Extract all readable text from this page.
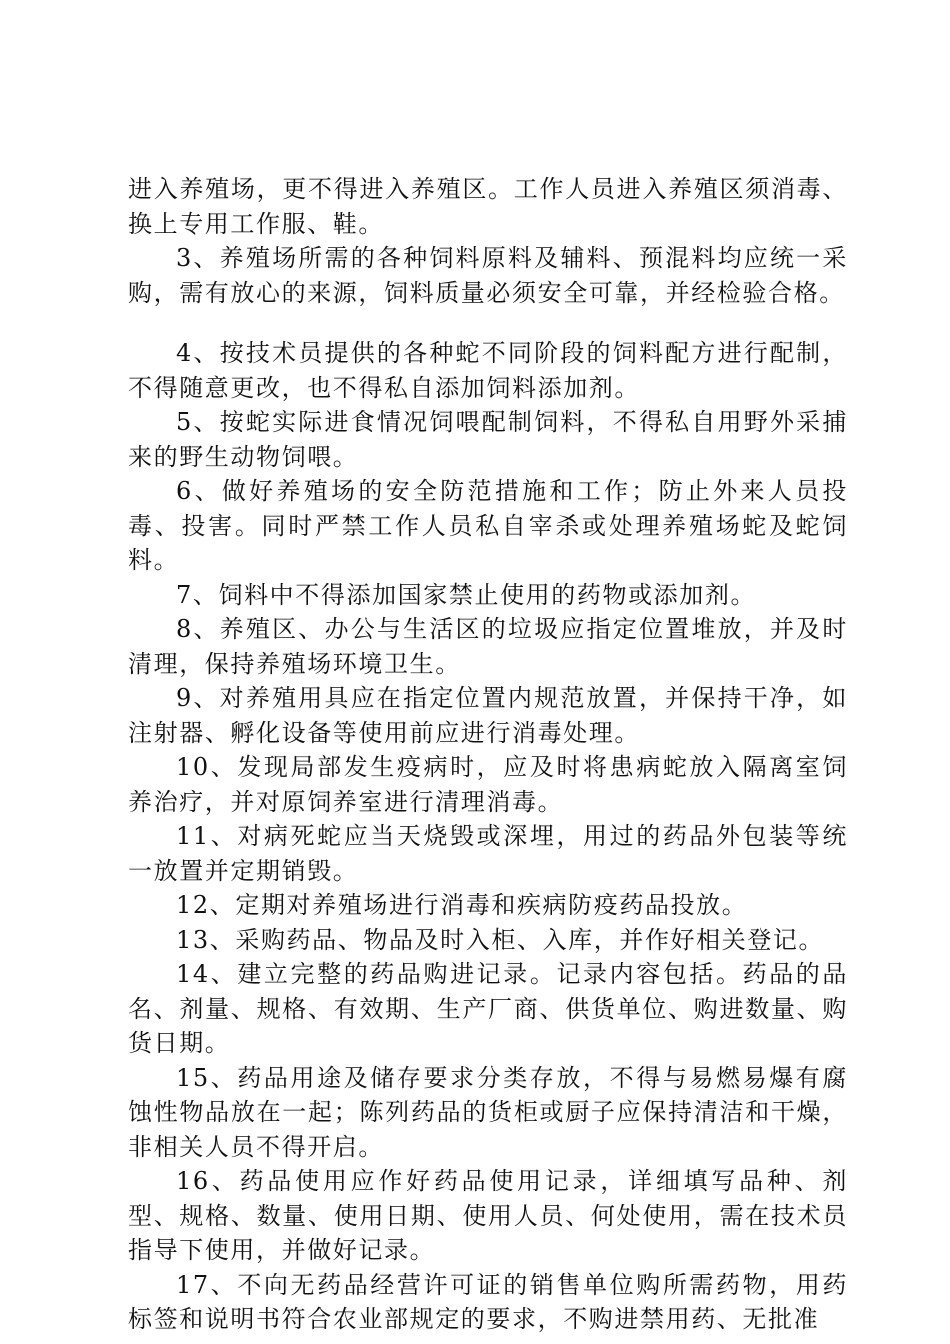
进入养殖场，更不得进入养殖区。工作人员进入养殖区须消毒、换上专用工作服、鞋。

3、养殖场所需的各种饲料原料及辅料、预混料均应统一采购，需有放心的来源，饲料质量必须安全可靠，并经检验合格。

4、按技术员提供的各种蛇不同阶段的饲料配方进行配制，不得随意更改，也不得私自添加饲料添加剂。

5、按蛇实际进食情况饲喂配制饲料，不得私自用野外采捕来的野生动物饲喂。

6、做好养殖场的安全防范措施和工作；防止外来人员投毒、投害。同时严禁工作人员私自宰杀或处理养殖场蛇及蛇饲料。

7、饲料中不得添加国家禁止使用的药物或添加剂。

8、养殖区、办公与生活区的垃圾应指定位置堆放，并及时清理，保持养殖场环境卫生。

9、对养殖用具应在指定位置内规范放置，并保持干净，如注射器、孵化设备等使用前应进行消毒处理。

10、发现局部发生疫病时，应及时将患病蛇放入隔离室饲养治疗，并对原饲养室进行清理消毒。

11、对病死蛇应当天烧毁或深埋，用过的药品外包装等统一放置并定期销毁。

12、定期对养殖场进行消毒和疾病防疫药品投放。

13、采购药品、物品及时入柜、入库，并作好相关登记。

14、建立完整的药品购进记录。记录内容包括。药品的品名、剂量、规格、有效期、生产厂商、供货单位、购进数量、购货日期。

15、药品用途及储存要求分类存放，不得与易燃易爆有腐蚀性物品放在一起；陈列药品的货柜或厨子应保持清洁和干燥，非相关人员不得开启。

16、药品使用应作好药品使用记录，详细填写品种、剂型、规格、数量、使用日期、使用人员、何处使用，需在技术员指导下使用，并做好记录。

17、不向无药品经营许可证的销售单位购所需药物，用药标签和说明书符合农业部规定的要求，不购进禁用药、无批准
